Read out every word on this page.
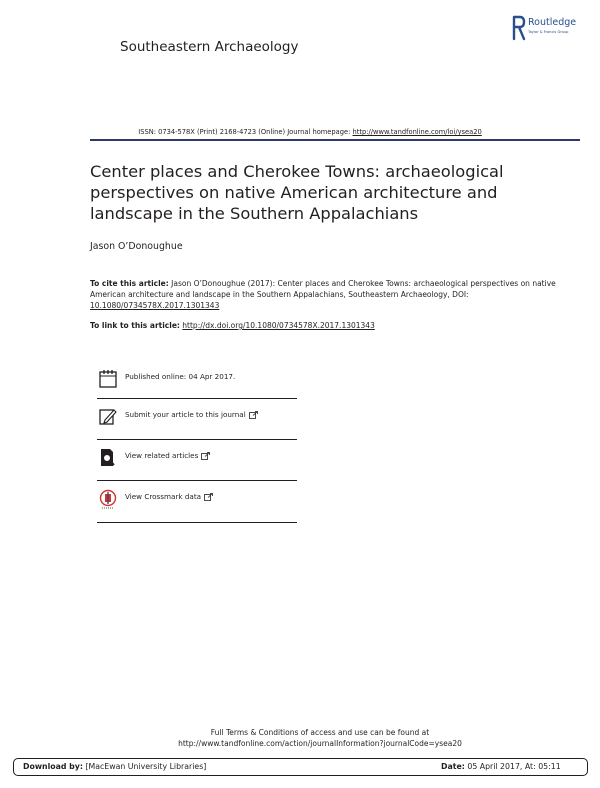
Southeastern Archaeology
Routledge
Taylor & Francis Group
ISSN: 0734-578X (Print) 2168-4723 (Online) Journal homepage: http://www.tandfonline.com/loi/ysea20
Center places and Cherokee Towns: archaeological perspectives on native American architecture and landscape in the Southern Appalachians
Jason O’Donoughue
To cite this article: Jason O’Donoughue (2017): Center places and Cherokee Towns: archaeological perspectives on native American architecture and landscape in the Southern Appalachians, Southeastern Archaeology, DOI: 10.1080/0734578X.2017.1301343
To link to this article: http://dx.doi.org/10.1080/0734578X.2017.1301343
Published online: 04 Apr 2017.
Submit your article to this journal
View related articles
View Crossmark data
Full Terms & Conditions of access and use can be found at
http://www.tandfonline.com/action/journalInformation?journalCode=ysea20
Download by: [MacEwan University Libraries]	Date: 05 April 2017, At: 05:11
